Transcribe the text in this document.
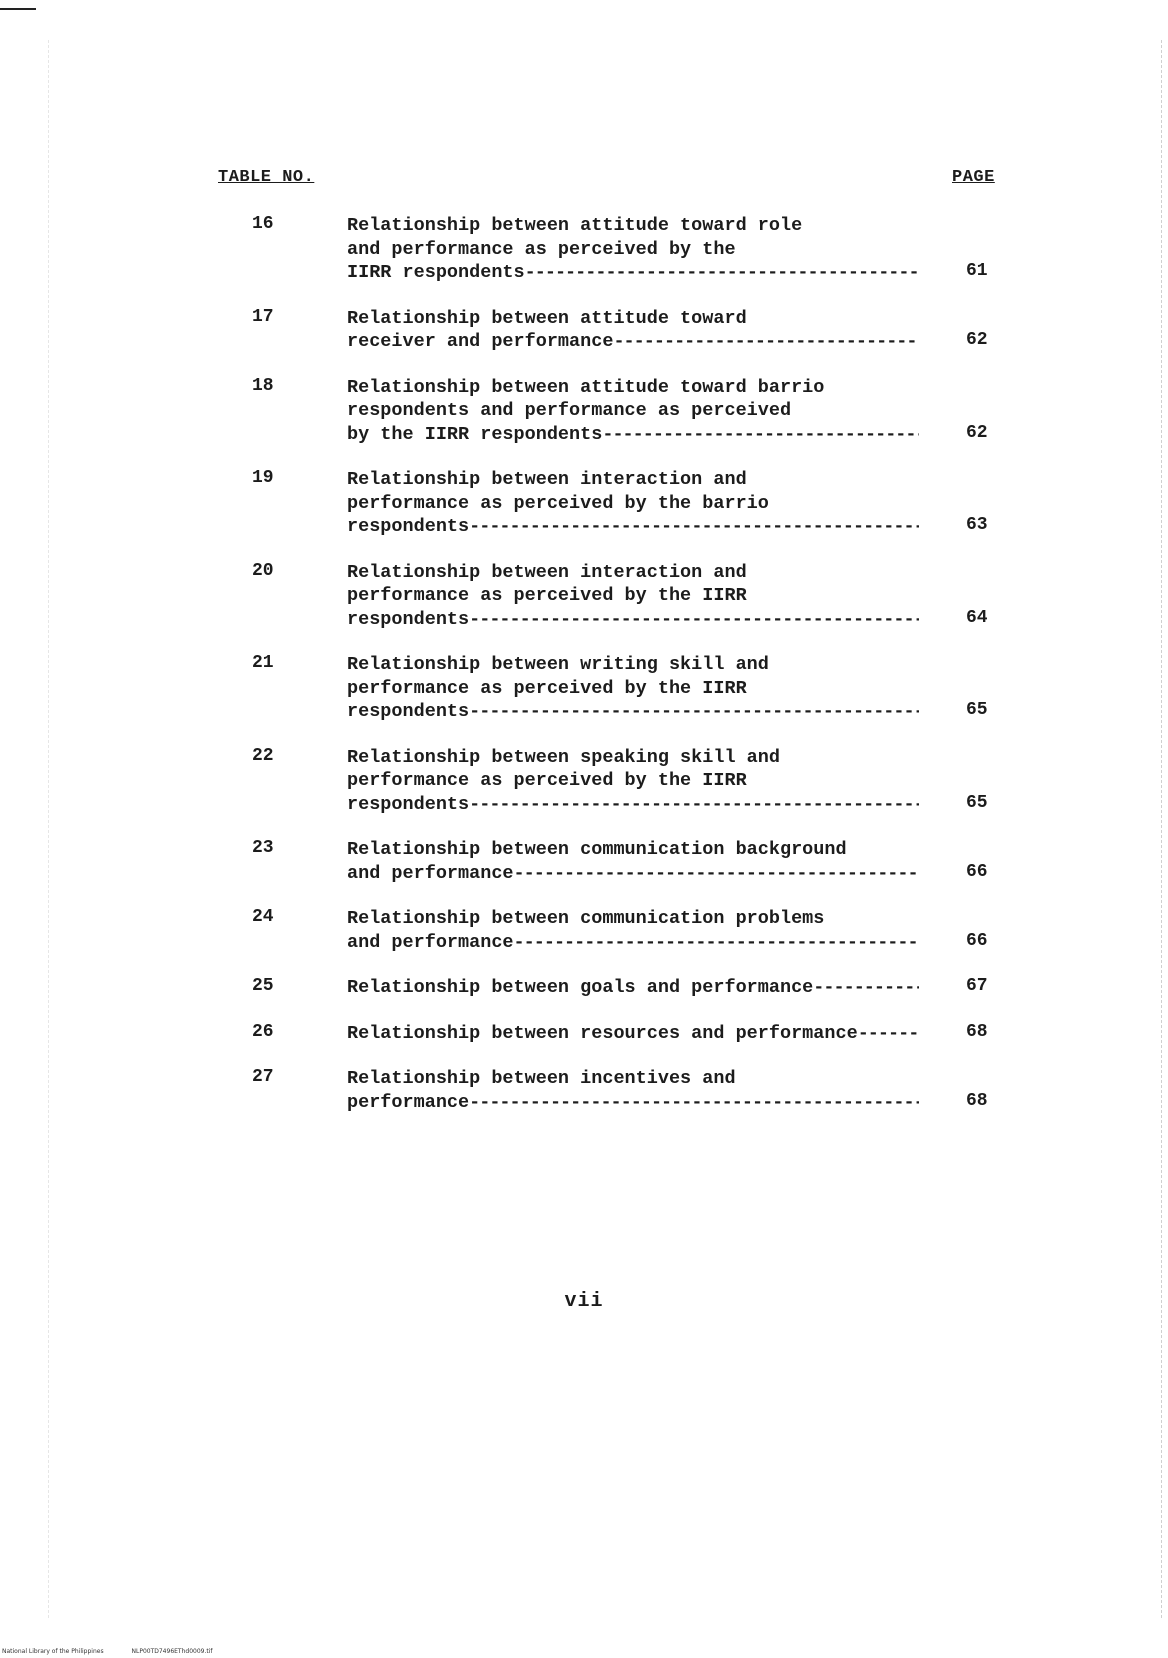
TABLE NO.	PAGE
16	Relationship between attitude toward role
and performance as perceived by the
IIRR respondents -----	61
17	Relationship between attitude toward
receiver and performance -----	62
18	Relationship between attitude toward barrio
respondents and performance as perceived
by the IIRR respondents -----	62
19	Relationship between interaction and
performance as perceived by the barrio
respondents -----	63
20	Relationship between interaction and
performance as perceived by the IIRR
respondents -----	64
21	Relationship between writing skill and
performance as perceived by the IIRR
respondents -----	65
22	Relationship between speaking skill and
performance as perceived by the IIRR
respondents -----	65
23	Relationship between communication background
and performance -----	66
24	Relationship between communication problems
and performance -----	66
25	Relationship between goals and performance -----	67
26	Relationship between resources and performance -----	68
27	Relationship between incentives and
performance -----	68
vii
National Library of the Philippines	NLP00TD7496EThd0009.tif
